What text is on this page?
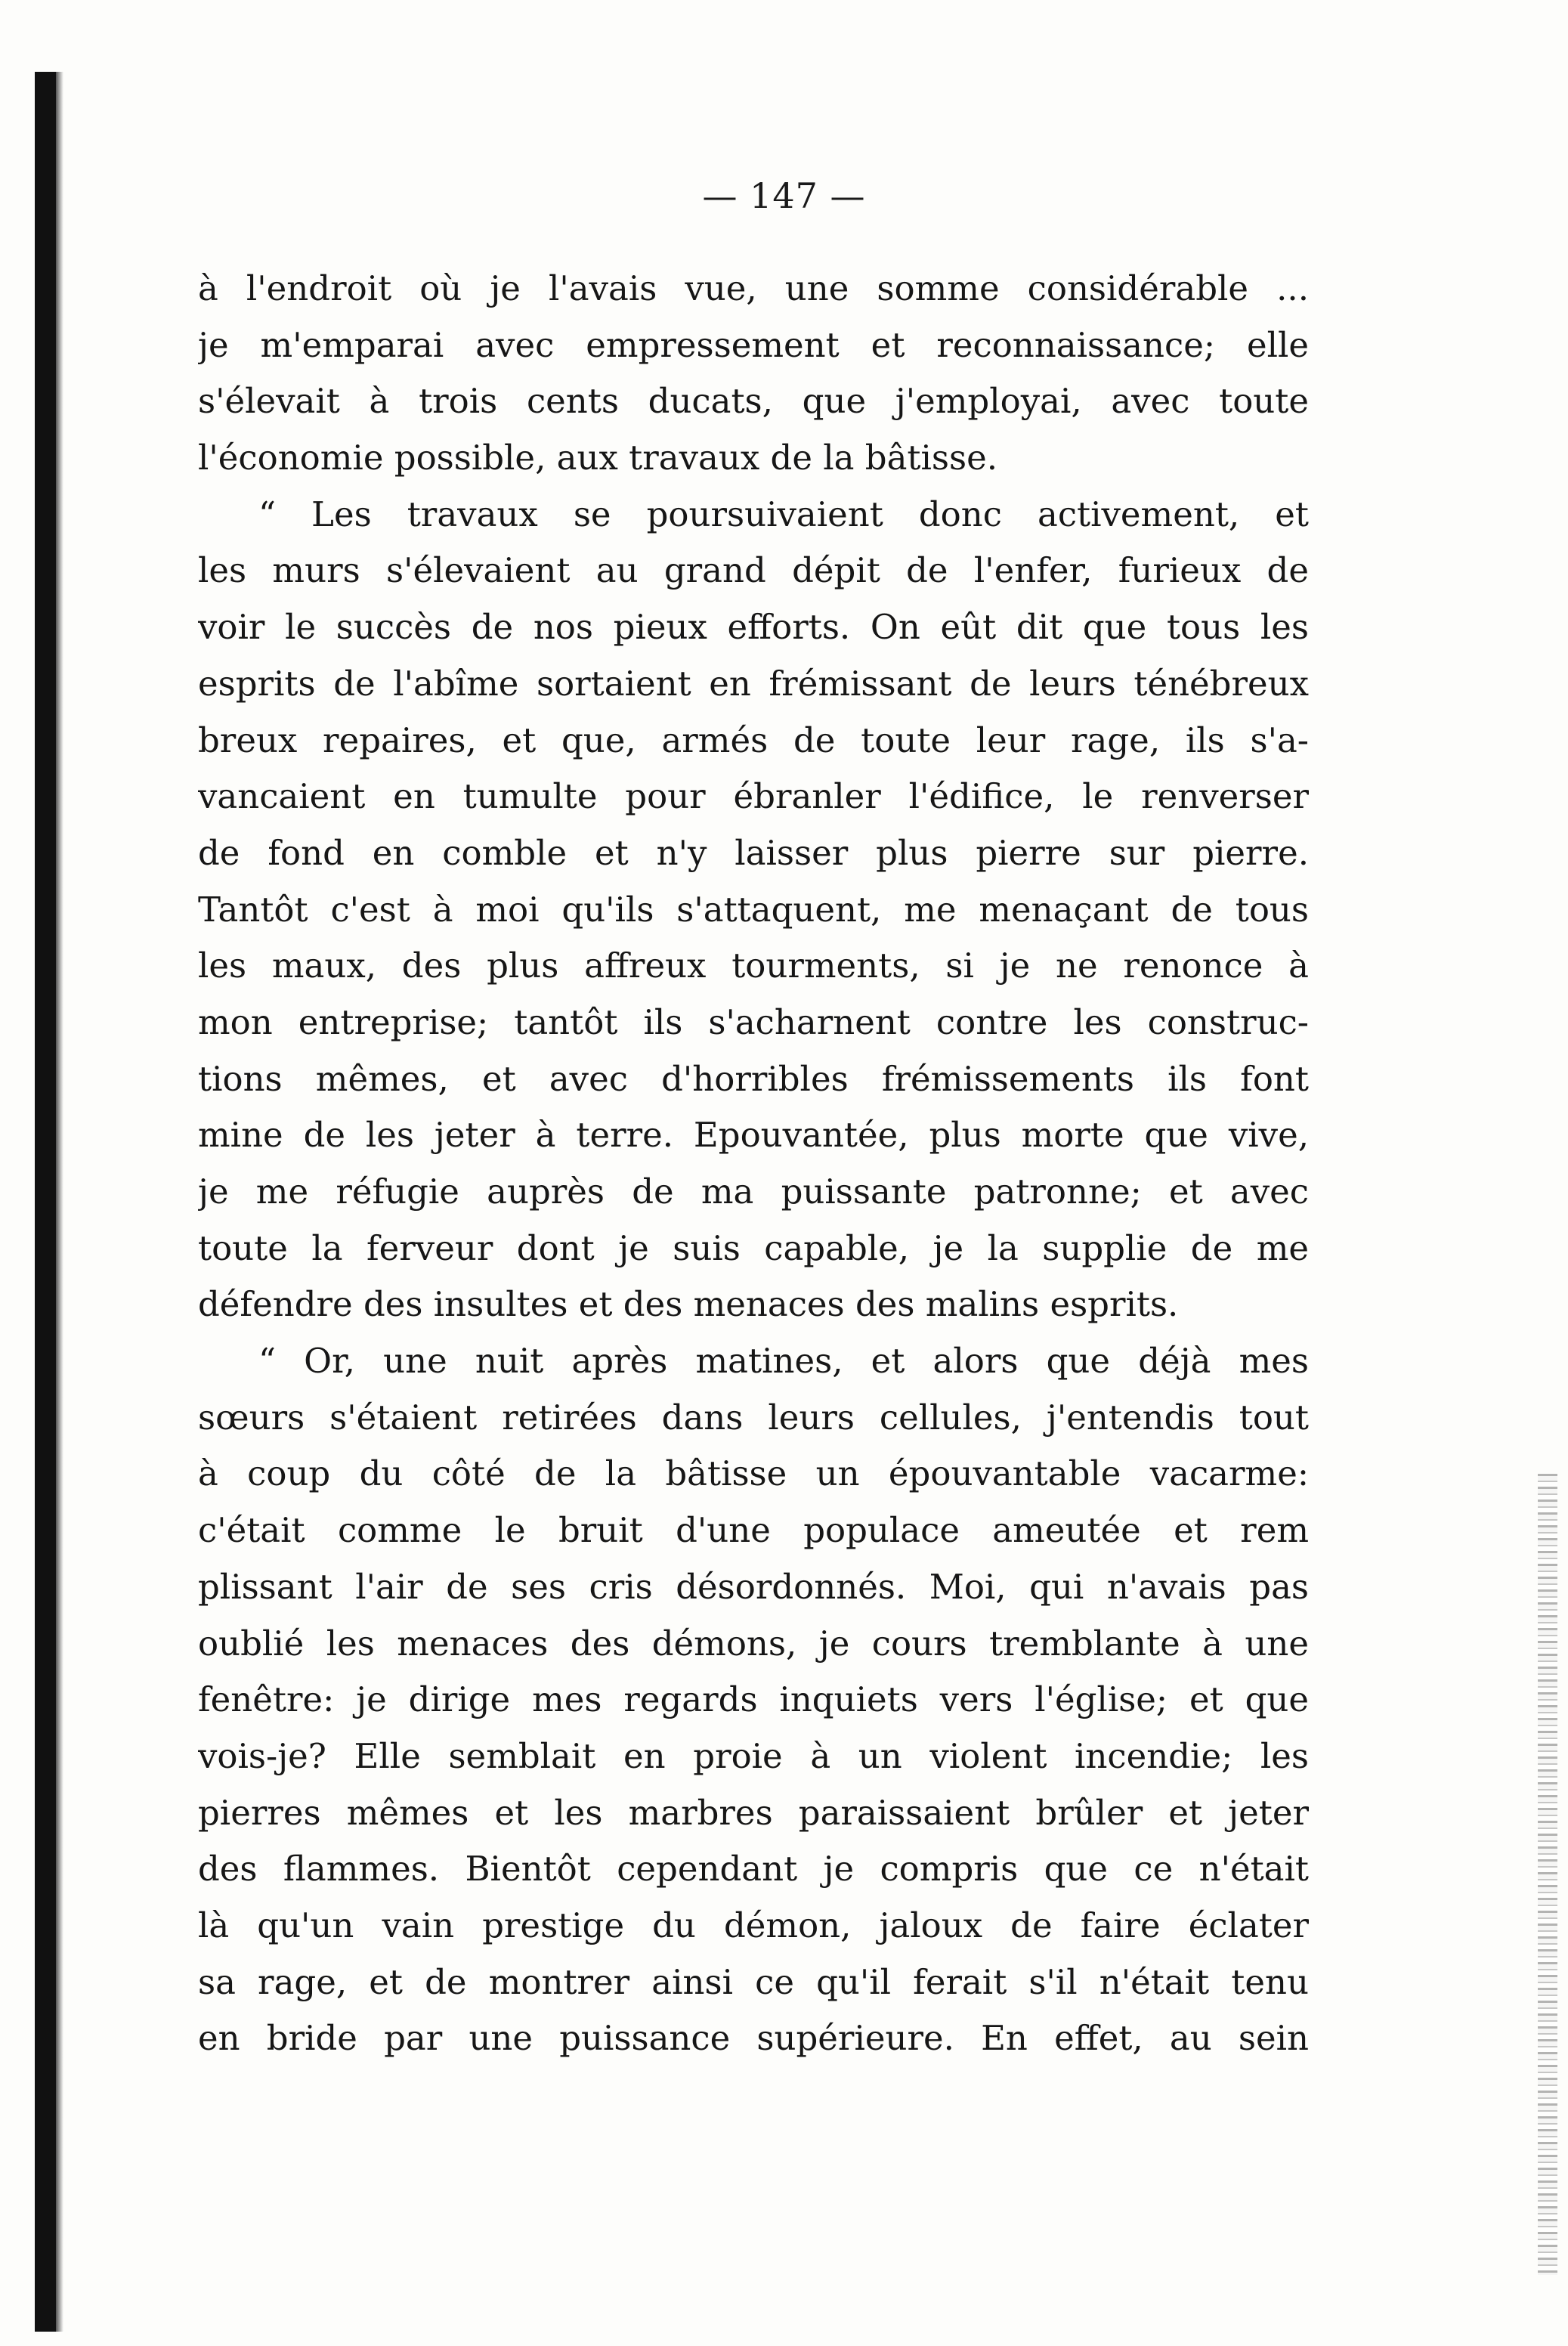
— 147 —
à l'endroit où je l'avais vue, une somme considérable ...
je m'emparai avec empressement et reconnaissance; elle
s'élevait à trois cents ducats, que j'employai, avec toute
l'économie possible, aux travaux de la bâtisse.
“ Les travaux se poursuivaient donc activement, et
les murs s'élevaient au grand dépit de l'enfer, furieux de
voir le succès de nos pieux efforts. On eût dit que tous les
esprits de l'abîme sortaient en frémissant de leurs ténébreux
breux repaires, et que, armés de toute leur rage, ils s'a-
vancaient en tumulte pour ébranler l'édifice, le renverser
de fond en comble et n'y laisser plus pierre sur pierre.
Tantôt c'est à moi qu'ils s'attaquent, me menaçant de tous
les maux, des plus affreux tourments, si je ne renonce à
mon entreprise; tantôt ils s'acharnent contre les construc-
tions mêmes, et avec d'horribles frémissements ils font
mine de les jeter à terre. Epouvantée, plus morte que vive,
je me réfugie auprès de ma puissante patronne; et avec
toute la ferveur dont je suis capable, je la supplie de me
défendre des insultes et des menaces des malins esprits.
“ Or, une nuit après matines, et alors que déjà mes
sœurs s'étaient retirées dans leurs cellules, j'entendis tout
à coup du côté de la bâtisse un épouvantable vacarme:
c'était comme le bruit d'une populace ameutée et rem
plissant l'air de ses cris désordonnés. Moi, qui n'avais pas
oublié les menaces des démons, je cours tremblante à une
fenêtre: je dirige mes regards inquiets vers l'église; et que
vois-je? Elle semblait en proie à un violent incendie; les
pierres mêmes et les marbres paraissaient brûler et jeter
des flammes. Bientôt cependant je compris que ce n'était
là qu'un vain prestige du démon, jaloux de faire éclater
sa rage, et de montrer ainsi ce qu'il ferait s'il n'était tenu
en bride par une puissance supérieure. En effet, au sein
